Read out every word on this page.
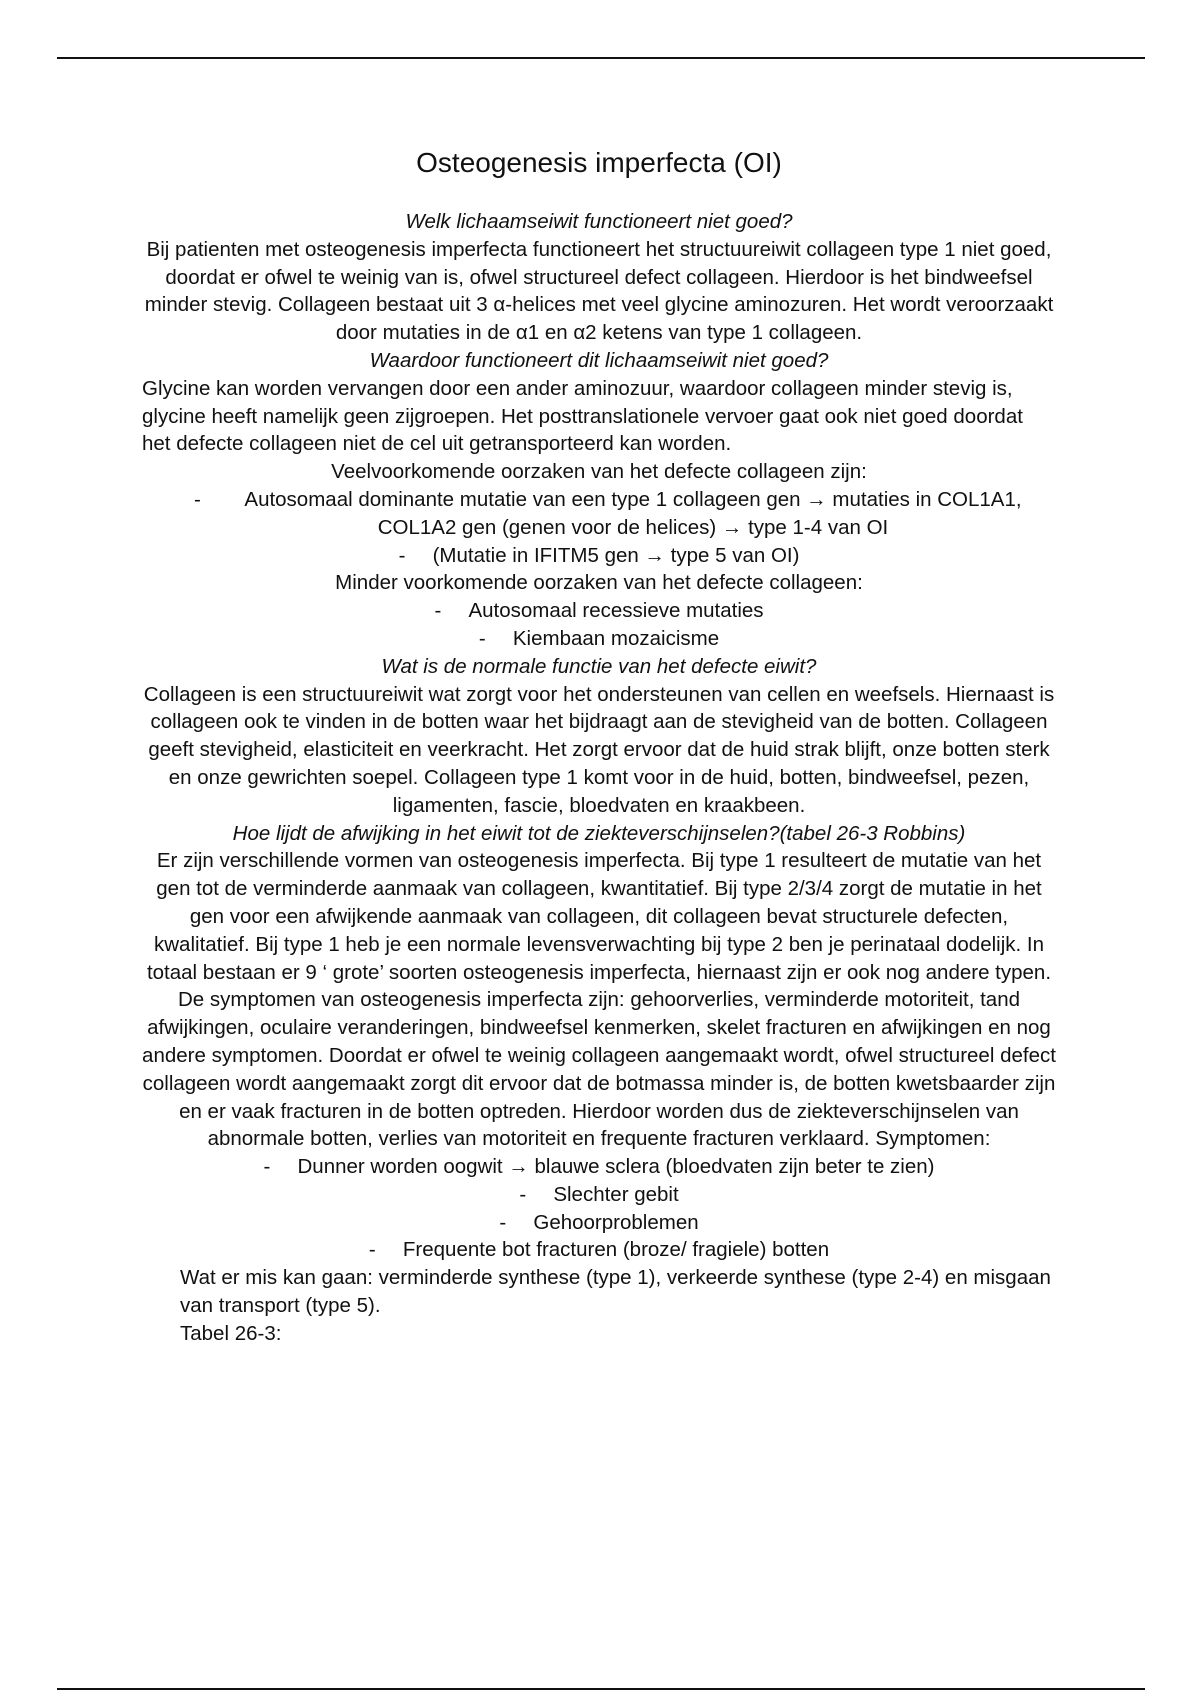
Osteogenesis imperfecta (OI)

Welk lichaamseiwit functioneert niet goed?

Bij patienten met osteogenesis imperfecta functioneert het structuureiwit collageen type 1 niet goed, doordat er ofwel te weinig van is, ofwel structureel defect collageen. Hierdoor is het bindweefsel minder stevig. Collageen bestaat uit 3 α-helices met veel glycine aminozuren. Het wordt veroorzaakt door mutaties in de α1 en α2 ketens van type 1 collageen.

Waardoor functioneert dit lichaamseiwit niet goed?

Glycine kan worden vervangen door een ander aminozuur, waardoor collageen minder stevig is, glycine heeft namelijk geen zijgroepen. Het posttranslationele vervoer gaat ook niet goed doordat het defecte collageen niet de cel uit getransporteerd kan worden.

Veelvoorkomende oorzaken van het defecte collageen zijn:

-	Autosomaal dominante mutatie van een type 1 collageen gen → mutaties in COL1A1, COL1A2 gen (genen voor de helices) → type 1-4 van OI

- (Mutatie in IFITM5 gen → type 5 van OI)

Minder voorkomende oorzaken van het defecte collageen:

- Autosomaal recessieve mutaties

- Kiembaan mozaicisme

Wat is de normale functie van het defecte eiwit?

Collageen is een structuureiwit wat zorgt voor het ondersteunen van cellen en weefsels. Hiernaast is collageen ook te vinden in de botten waar het bijdraagt aan de stevigheid van de botten. Collageen geeft stevigheid, elasticiteit en veerkracht. Het zorgt ervoor dat de huid strak blijft, onze botten sterk en onze gewrichten soepel. Collageen type 1 komt voor in de huid, botten, bindweefsel, pezen, ligamenten, fascie, bloedvaten en kraakbeen.

Hoe lijdt de afwijking in het eiwit tot de ziekteverschijnselen?(tabel 26-3 Robbins)

Er zijn verschillende vormen van osteogenesis imperfecta. Bij type 1 resulteert de mutatie van het gen tot de verminderde aanmaak van collageen, kwantitatief. Bij type 2/3/4 zorgt de mutatie in het gen voor een afwijkende aanmaak van collageen, dit collageen bevat structurele defecten, kwalitatief. Bij type 1 heb je een normale levensverwachting bij type 2 ben je perinataal dodelijk. In totaal bestaan er 9 ‘ grote’ soorten osteogenesis imperfecta, hiernaast zijn er ook nog andere typen. De symptomen van osteogenesis imperfecta zijn: gehoorverlies, verminderde motoriteit, tand afwijkingen, oculaire veranderingen, bindweefsel kenmerken, skelet fracturen en afwijkingen en nog andere symptomen. Doordat er ofwel te weinig collageen aangemaakt wordt, ofwel structureel defect collageen wordt aangemaakt zorgt dit ervoor dat de botmassa minder is, de botten kwetsbaarder zijn en er vaak fracturen in de botten optreden. Hierdoor worden dus de ziekteverschijnselen van abnormale botten, verlies van motoriteit en frequente fracturen verklaard. Symptomen:

- Dunner worden oogwit → blauwe sclera (bloedvaten zijn beter te zien)

- Slechter gebit

- Gehoorproblemen

- Frequente bot fracturen (broze/ fragiele) botten

Wat er mis kan gaan: verminderde synthese (type 1), verkeerde synthese (type 2-4) en misgaan van transport (type 5).

Tabel 26-3:
